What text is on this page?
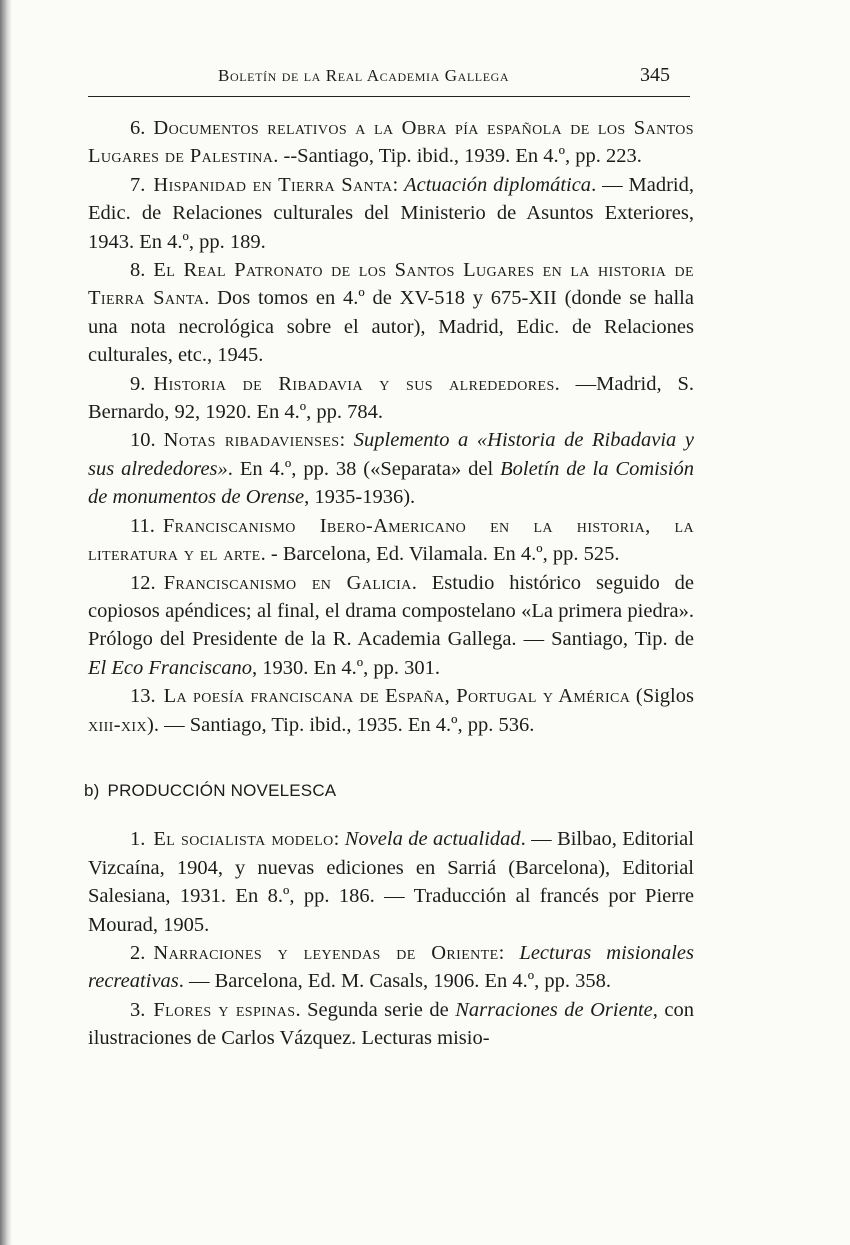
Boletín de la Real Academia Gallega	345

6. Documentos relativos a la Obra pía española de los Santos Lugares de Palestina. --Santiago, Tip. ibid., 1939. En 4.º, pp. 223.

7. Hispanidad en Tierra Santa: Actuación diplomática. — Madrid, Edic. de Relaciones culturales del Ministerio de Asuntos Exteriores, 1943. En 4.º, pp. 189.

8. El Real Patronato de los Santos Lugares en la historia de Tierra Santa. Dos tomos en 4.º de XV-518 y 675-XII (donde se halla una nota necrológica sobre el autor), Madrid, Edic. de Relaciones culturales, etc., 1945.

9. Historia de Ribadavia y sus alrededores. —Madrid, S. Bernardo, 92, 1920. En 4.º, pp. 784.

10. Notas ribadavienses: Suplemento a «Historia de Ribadavia y sus alrededores». En 4.º, pp. 38 («Separata» del Boletín de la Comisión de monumentos de Orense, 1935-1936).

11. Franciscanismo Ibero-Americano en la historia, la literatura y el arte. - Barcelona, Ed. Vilamala. En 4.º, pp. 525.

12. Franciscanismo en Galicia. Estudio histórico seguido de copiosos apéndices; al final, el drama compostelano «La primera piedra». Prólogo del Presidente de la R. Academia Gallega. — Santiago, Tip. de El Eco Franciscano, 1930. En 4.º, pp. 301.

13. La poesía franciscana de España, Portugal y América (Siglos xiii-xix). — Santiago, Tip. ibid., 1935. En 4.º, pp. 536.

b) PRODUCCIÓN NOVELESCA

1. El socialista modelo: Novela de actualidad. — Bilbao, Editorial Vizcaína, 1904, y nuevas ediciones en Sarriá (Barcelona), Editorial Salesiana, 1931. En 8.º, pp. 186. — Traducción al francés por Pierre Mourad, 1905.

2. Narraciones y leyendas de Oriente: Lecturas misionales recreativas. — Barcelona, Ed. M. Casals, 1906. En 4.º, pp. 358.

3. Flores y espinas. Segunda serie de Narraciones de Oriente, con ilustraciones de Carlos Vázquez. Lecturas misio-
